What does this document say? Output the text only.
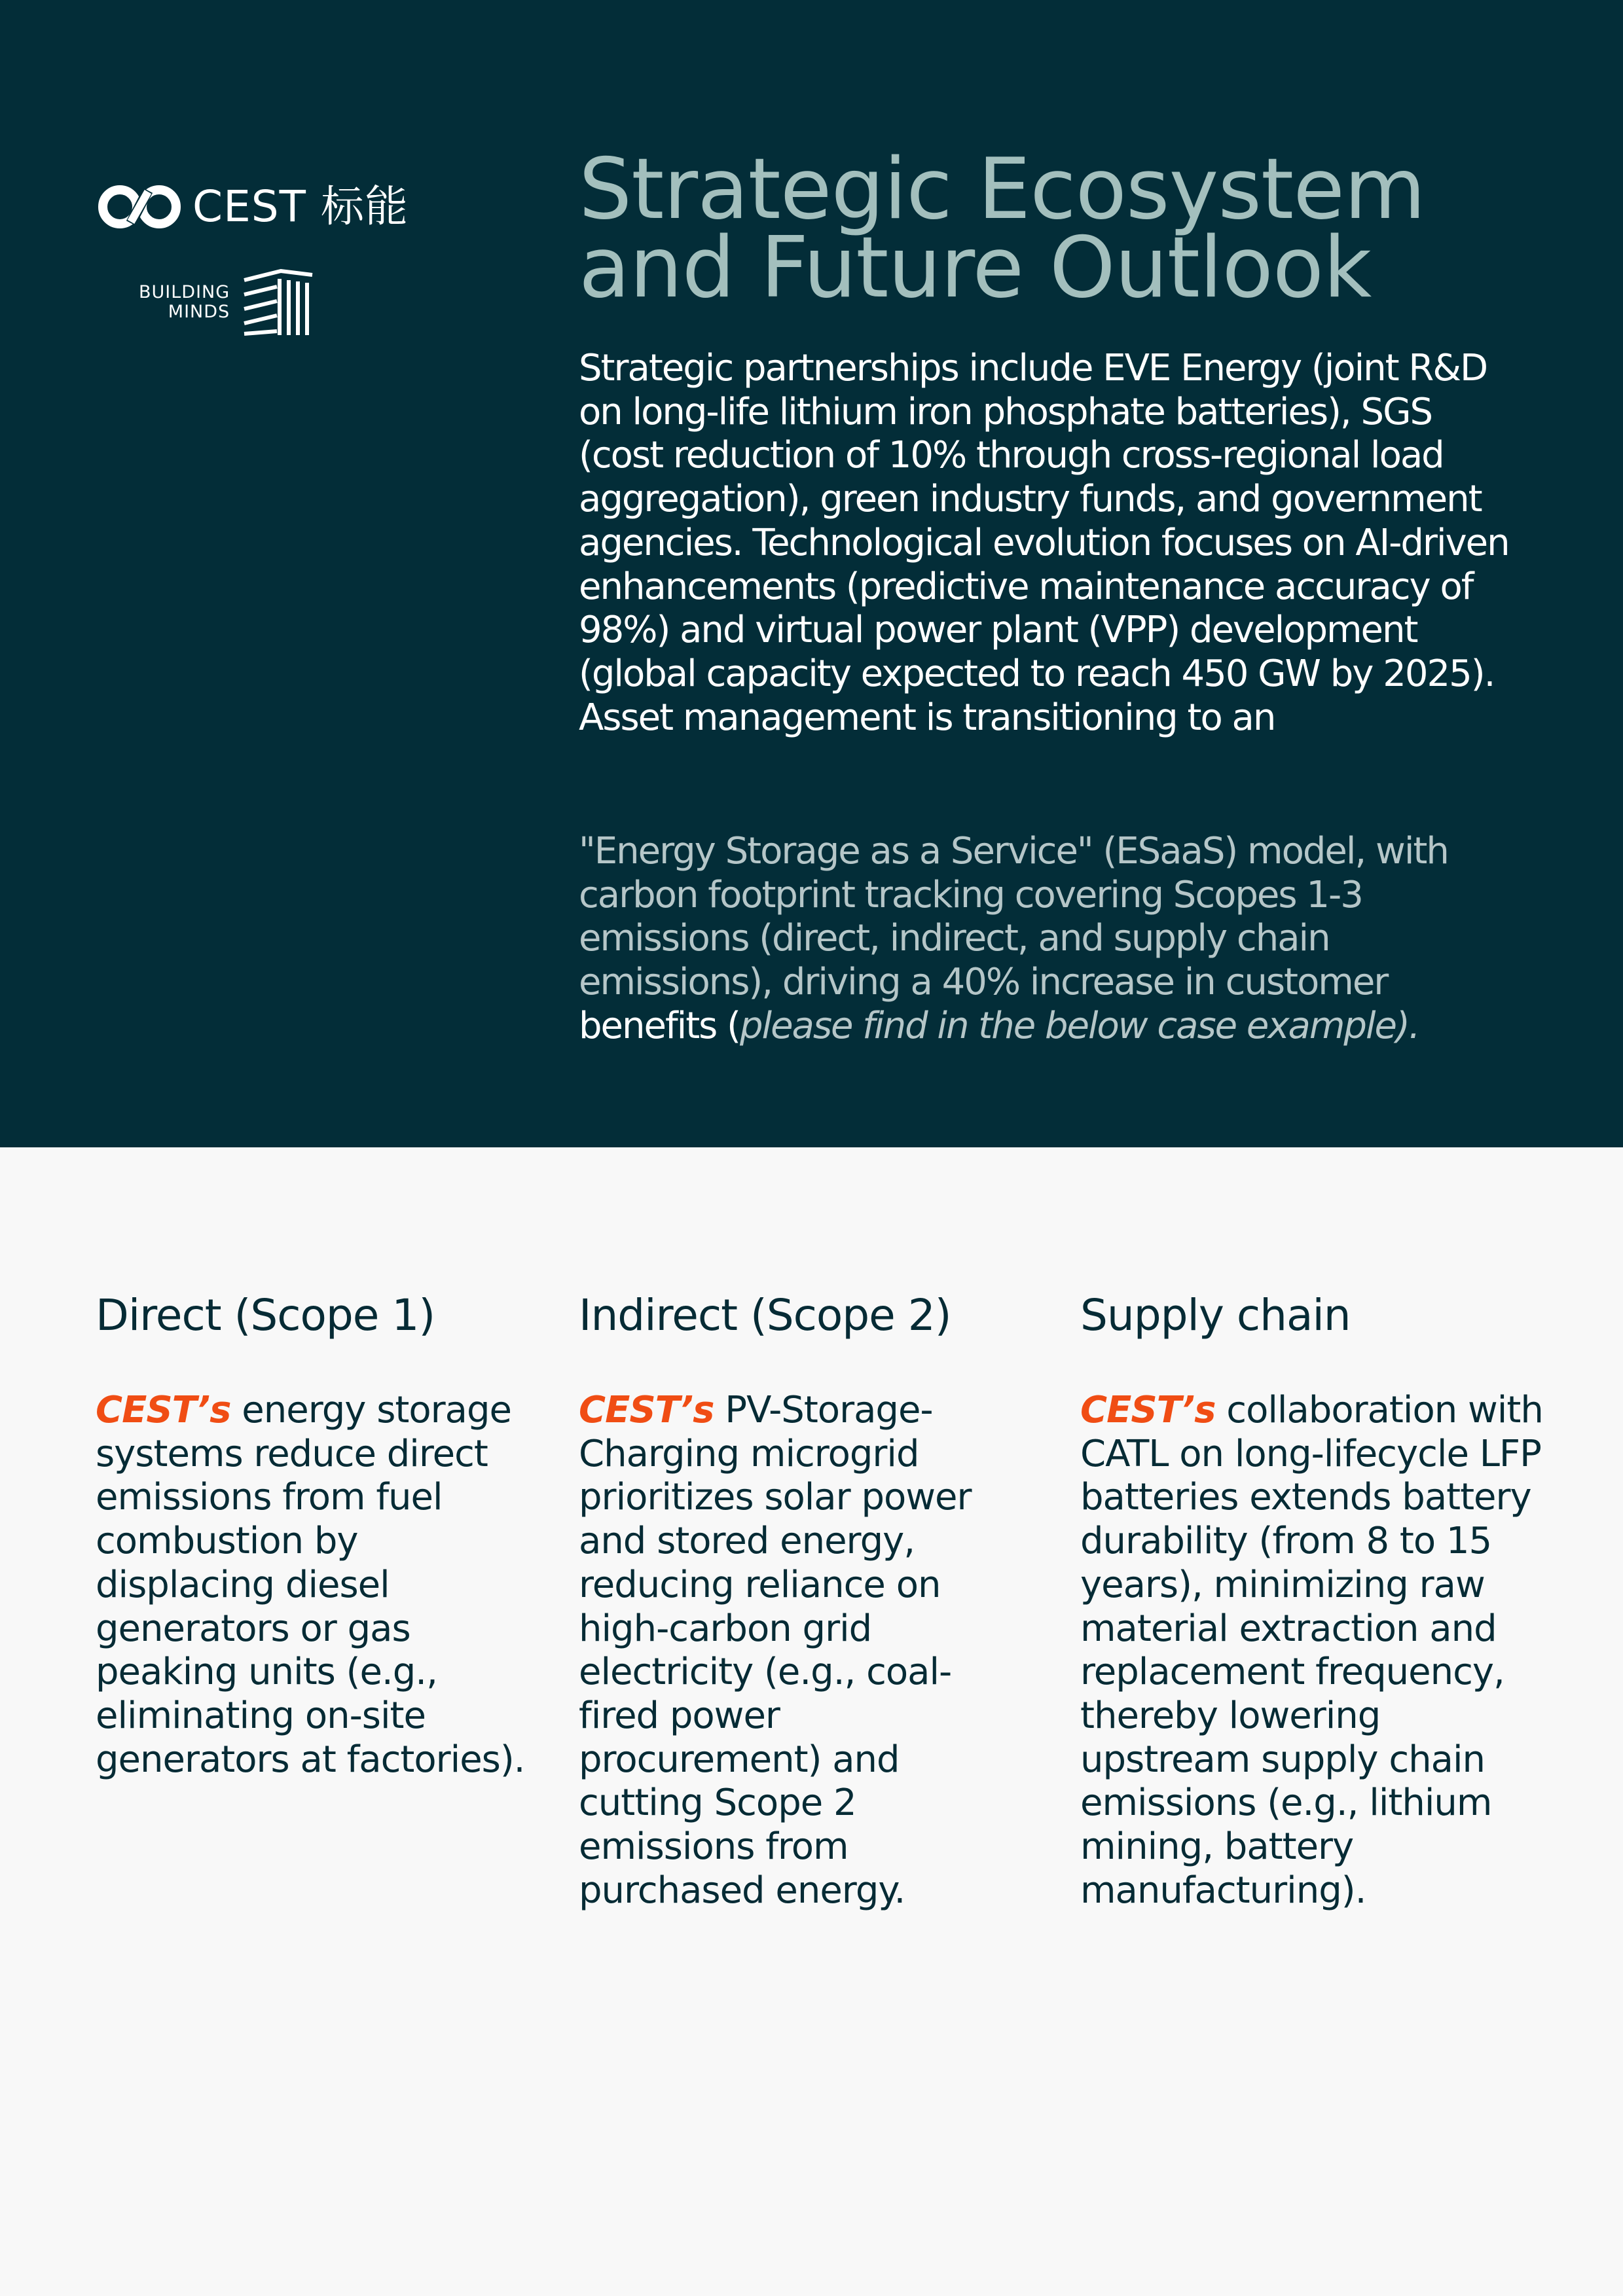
CEST 标能
BUILDING
MINDS
Strategic Ecosystem and Future Outlook

Strategic partnerships include EVE Energy (joint R&D on long-life lithium iron phosphate batteries), SGS (cost reduction of 10% through cross-regional load aggregation), green industry funds, and government agencies. Technological evolution focuses on AI-driven enhancements (predictive maintenance accuracy of 98%) and virtual power plant (VPP) development (global capacity expected to reach 450 GW by 2025). Asset management is transitioning to an

"Energy Storage as a Service" (ESaaS) model, with carbon footprint tracking covering Scopes 1-3 emissions (direct, indirect, and supply chain emissions), driving a 40% increase in customer benefits (please find in the below case example).

Direct (Scope 1)

CEST’s energy storage systems reduce direct emissions from fuel combustion by displacing diesel generators or gas peaking units (e.g., eliminating on-site generators at factories).

Indirect (Scope 2)

CEST’s PV-Storage-Charging microgrid prioritizes solar power and stored energy, reducing reliance on high-carbon grid electricity (e.g., coal-fired power procurement) and cutting Scope 2 emissions from purchased energy.

Supply chain

CEST’s collaboration with CATL on long-lifecycle LFP batteries extends battery durability (from 8 to 15 years), minimizing raw material extraction and replacement frequency, thereby lowering upstream supply chain emissions (e.g., lithium mining, battery manufacturing).
